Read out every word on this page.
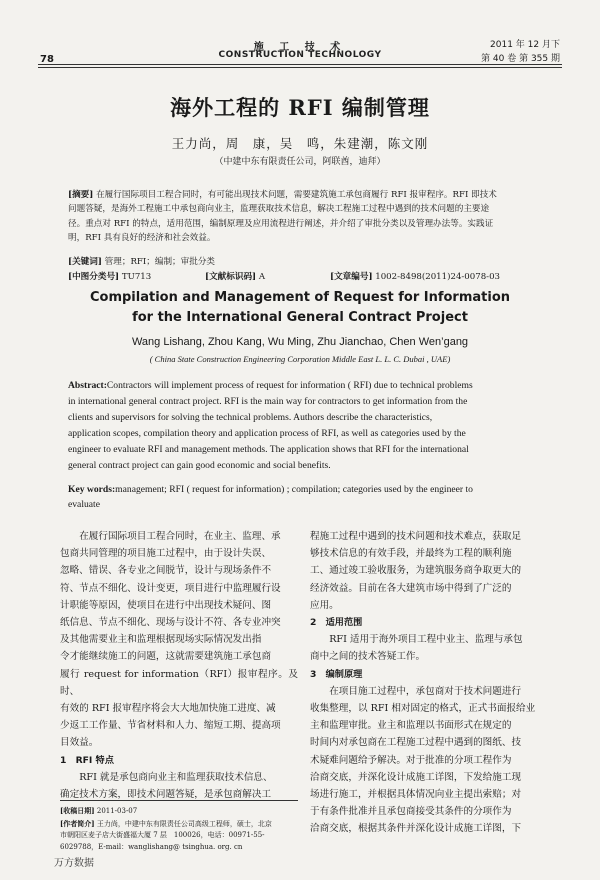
施 工 技 术
CONSTRUCTION TECHNOLOGY
78
2011 年 12 月下
第 40 卷 第 355 期
海外工程的 RFI 编制管理
王力尚，周　康，吴　鸣，朱建潮，陈文刚
（中建中东有限责任公司，阿联酋，迪拜）
[摘要] 在履行国际项目工程合同时，有可能出现技术问题，需要建筑施工承包商履行 RFI 报审程序。RFI 即技术
问题答疑，是海外工程施工中承包商向业主，监理获取技术信息，解决工程施工过程中遇到的技术问题的主要途
径。重点对 RFI 的特点，适用范围，编制原理及应用流程进行阐述，并介绍了审批分类以及管理办法等。实践证
明，RFI 具有良好的经济和社会效益。
[关键词] 管理；RFI；编制；审批分类
[中图分类号] TU713	[文献标识码] A	[文章编号] 1002-8498(2011)24-0078-03
Compilation and Management of Request for Information
for the International General Contract Project
Wang Lishang, Zhou Kang, Wu Ming, Zhu Jianchao, Chen Wen’gang
( China State Construction Engineering Corporation Middle East L. L. C. Dubai , UAE)
Abstract:Contractors will implement process of request for information ( RFI) due to technical problems
in international general contract project. RFI is the main way for contractors to get information from the
clients and supervisors for solving the technical problems. Authors describe the characteristics,
application scopes, compilation theory and application process of RFI, as well as categories used by the
engineer to evaluate RFI and management methods. The application shows that RFI for the international
general contract project can gain good economic and social benefits.
Key words:management; RFI ( request for information) ; compilation; categories used by the engineer to
evaluate
在履行国际项目工程合同时，在业主、监理、承
包商共同管理的项目施工过程中，由于设计失误、
忽略、错误、各专业之间脱节，设计与现场条件不
符、节点不细化、设计变更，项目进行中监理履行设
计职能等原因，使项目在进行中出现技术疑问、图
纸信息、节点不细化、现场与设计不符、各专业冲突
及其他需要业主和监理根据现场实际情况发出指
令才能继续施工的问题，这就需要建筑施工承包商
履行 request for information（RFI）报审程序。及时、
有效的 RFI 报审程序将会大大地加快施工进度、减
少返工工作量、节省材料和人力、缩短工期、提高项
目效益。
1　RFI 特点
RFI 就是承包商向业主和监理获取技术信息、
确定技术方案，即技术问题答疑，是承包商解决工
程施工过程中遇到的技术问题和技术难点，获取足
够技术信息的有效手段，并最终为工程的顺利施
工、通过竣工验收服务，为建筑服务商争取更大的
经济效益。目前在各大建筑市场中得到了广泛的
应用。
2　适用范围
RFI 适用于海外项目工程中业主、监理与承包
商中之间的技术答疑工作。
3　编制原理
在项目施工过程中，承包商对于技术问题进行
收集整理，以 RFI 相对固定的格式，正式书面报给业
主和监理审批。业主和监理以书面形式在规定的
时间内对承包商在工程施工过程中遇到的图纸、技
术疑难问题给予解决。对于批准的分项工程作为
洽商交底，并深化设计成施工详图，下发给施工现
场进行施工，并根据具体情况向业主提出索赔；对
于有条件批准并且承包商接受其条件的分项作为
洽商交底，根据其条件并深化设计成施工详图，下
[收稿日期] 2011-03-07
[作者简介] 王力尚，中建中东有限责任公司高级工程师，硕士，北京
市朝阳区麦子店大街盛福大厦 7 层　100026，电话：00971-55-
6029788，E-mail：wanglishang@ tsinghua. org. cn
万方数据
